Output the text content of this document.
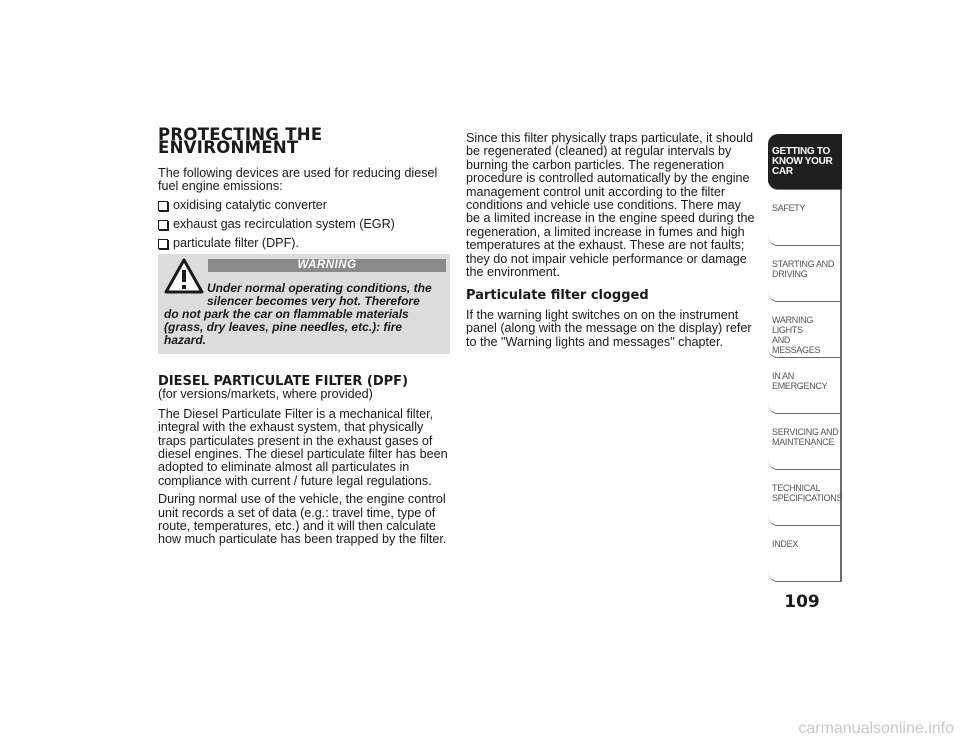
PROTECTING THE ENVIRONMENT

The following devices are used for reducing diesel fuel engine emissions:

oxidising catalytic converter
exhaust gas recirculation system (EGR)
particulate filter (DPF).
WARNING
Under normal operating conditions, the
silencer becomes very hot. Therefore
do not park the car on flammable materials
(grass, dry leaves, pine needles, etc.): fire
hazard.
DIESEL PARTICULATE FILTER (DPF)

(for versions/markets, where provided)

The Diesel Particulate Filter is a mechanical filter, integral with the exhaust system, that physically traps particulates present in the exhaust gases of diesel engines. The diesel particulate filter has been adopted to eliminate almost all particulates in compliance with current / future legal regulations.

During normal use of the vehicle, the engine control unit records a set of data (e.g.: travel time, type of route, temperatures, etc.) and it will then calculate how much particulate has been trapped by the filter.

Since this filter physically traps particulate, it should be regenerated (cleaned) at regular intervals by burning the carbon particles. The regeneration procedure is controlled automatically by the engine management control unit according to the filter conditions and vehicle use conditions. There may be a limited increase in the engine speed during the regeneration, a limited increase in fumes and high temperatures at the exhaust. These are not faults; they do not impair vehicle performance or damage the environment.

Particulate filter clogged

If the warning light switches on on the instrument panel (along with the message on the display) refer to the "Warning lights and messages" chapter.

GETTING TO
KNOW YOUR CAR
SAFETY
STARTING AND
DRIVING
WARNING LIGHTS
AND MESSAGES
IN AN EMERGENCY
SERVICING AND
MAINTENANCE
TECHNICAL
SPECIFICATIONS
INDEX
109
carmanualsonline.info
